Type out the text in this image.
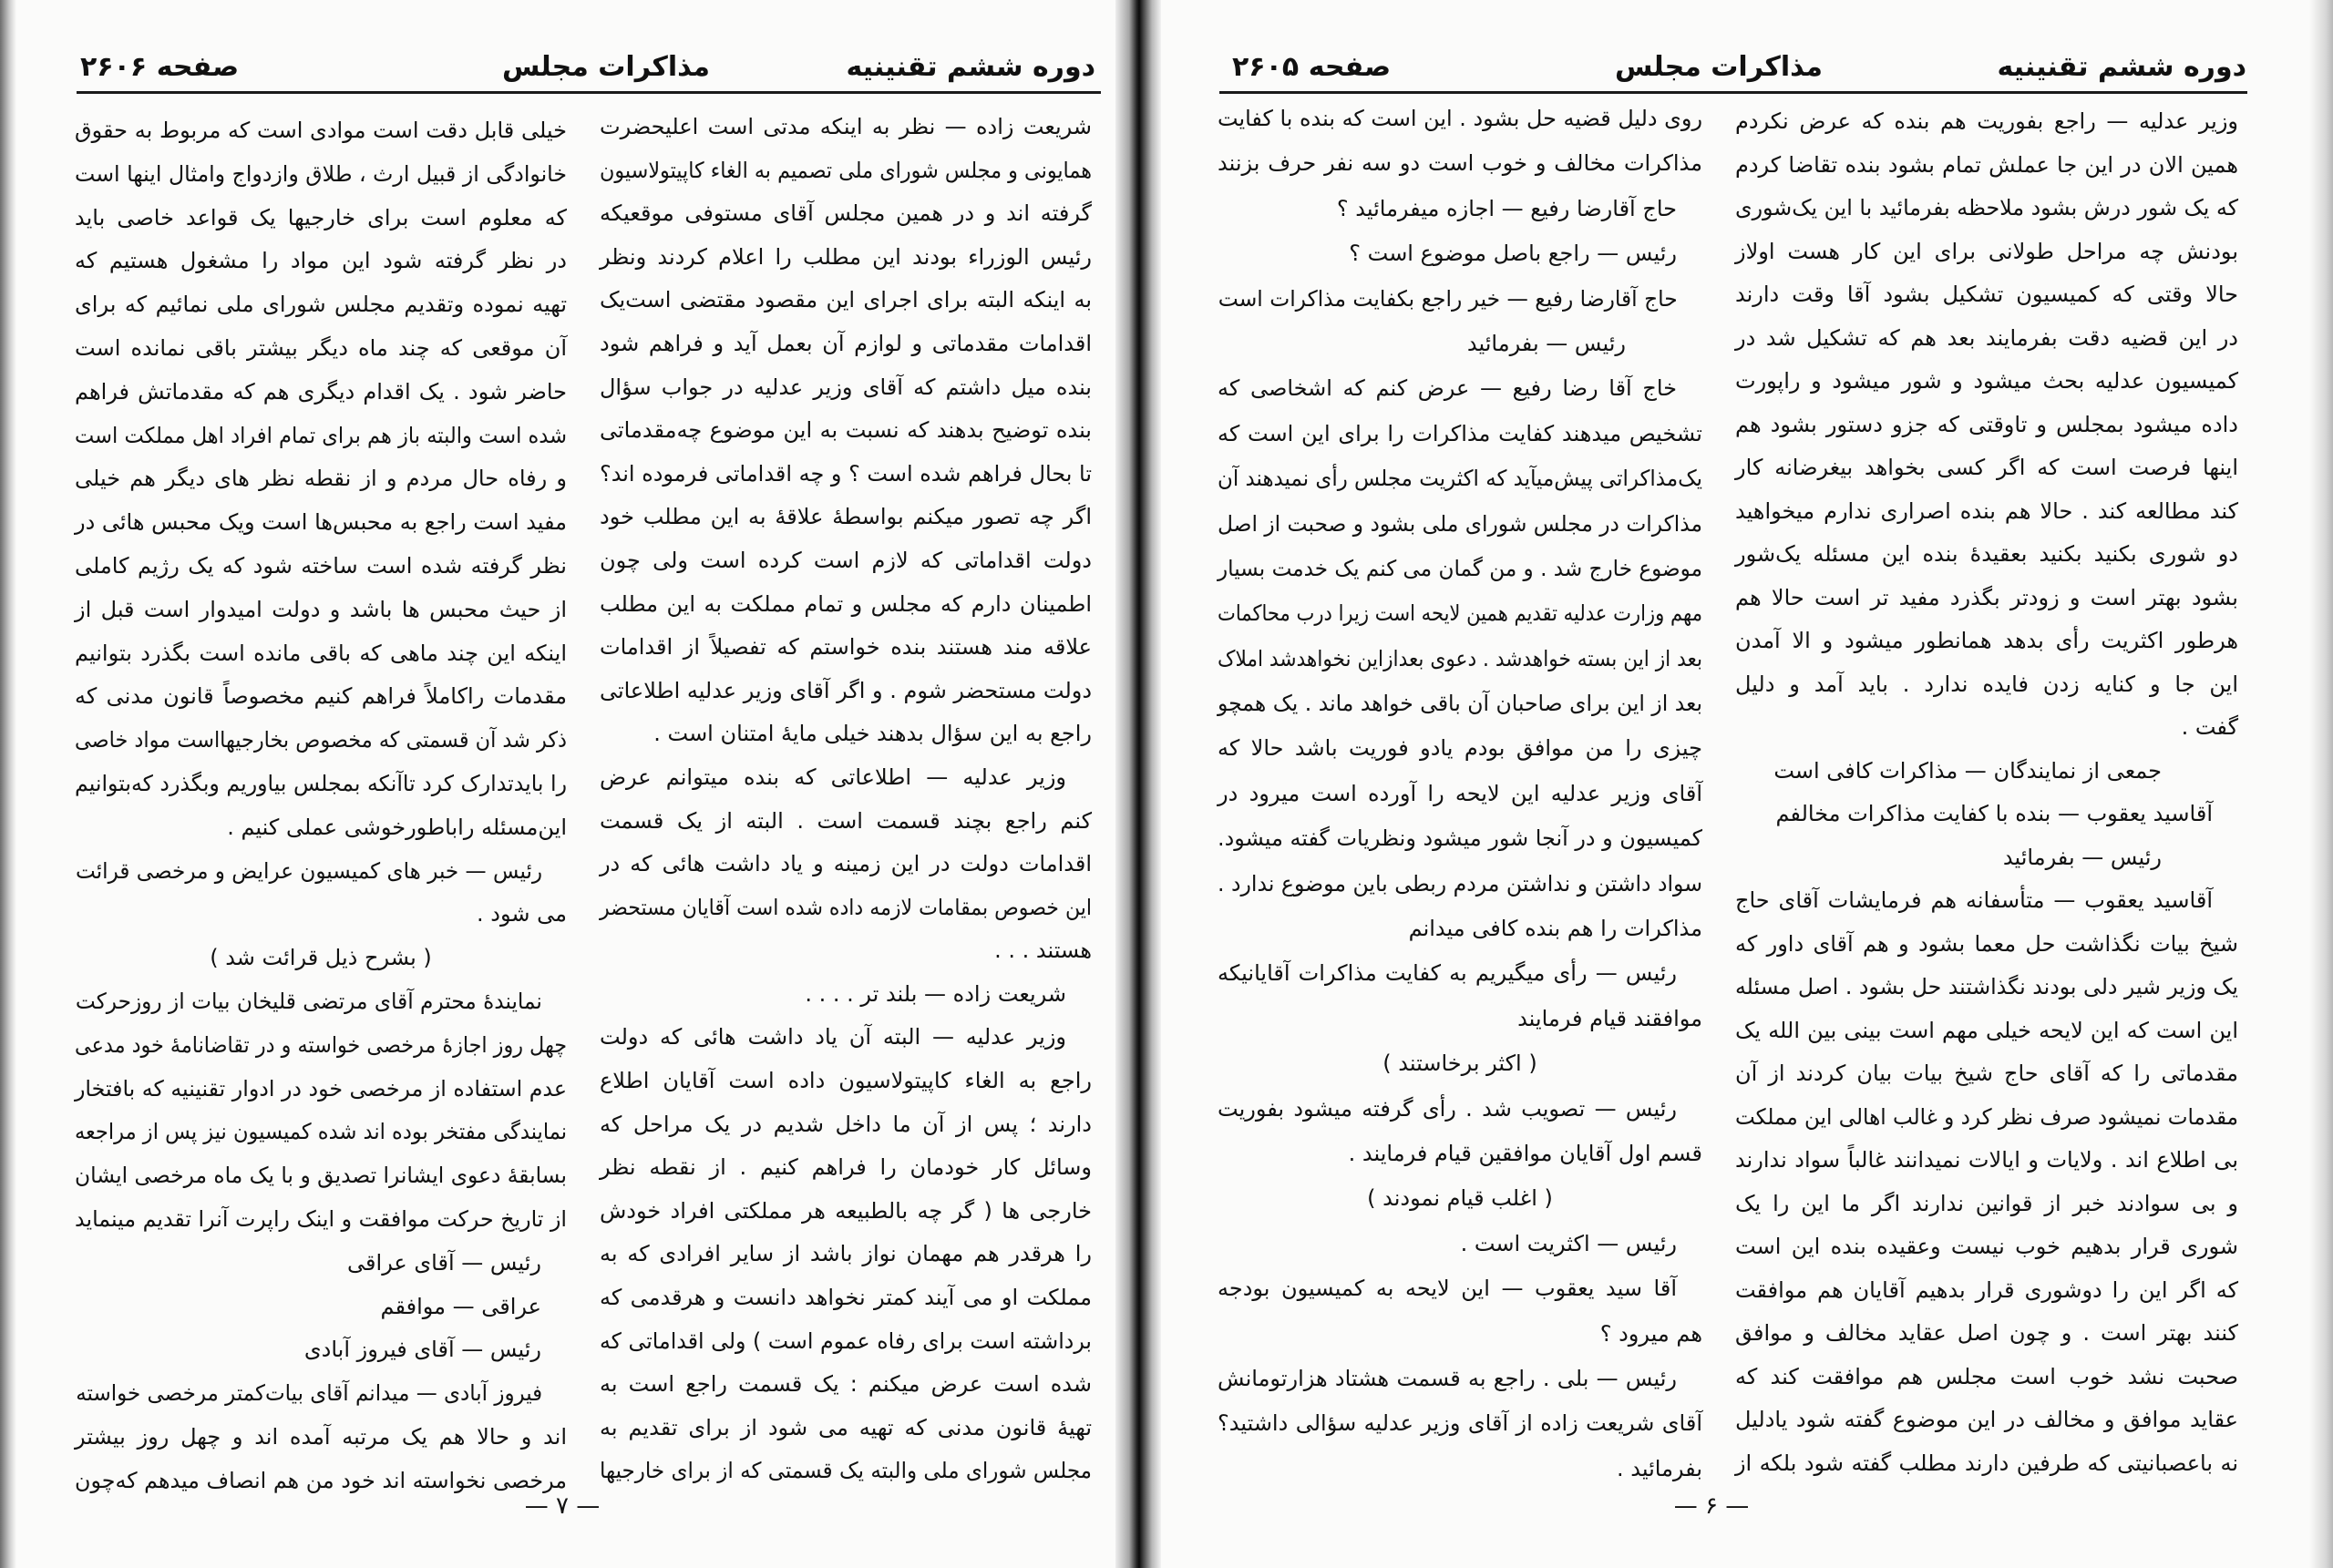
دوره ششم تقنینیه
مذاکرات مجلس
صفحه ۲۶۰۵
وزیر عدلیه — راجع بفوریت هم بنده که عرض نکردم
همین الان در این جا عملش تمام بشود بنده تقاضا کردم
که یک شور درش بشود ملاحظه بفرمائید با این یک‌شوری
بودنش چه مراحل طولانی برای این کار هست اولاز
حالا وقتی که کمیسیون تشکیل بشود آقا وقت دارند
در این قضیه دقت بفرمایند بعد هم که تشکیل شد در
کمیسیون عدلیه بحث میشود و شور میشود و راپورت
داده میشود بمجلس و تاوقتی که جزو دستور بشود هم
اینها فرصت است که اگر کسی بخواهد بیغرضانه کار
کند مطالعه کند . حالا هم بنده اصراری ندارم میخواهید
دو شوری بکنید بکنید بعقیدهٔ بنده این مسئله یک‌شور
بشود بهتر است و زودتر بگذرد مفید تر است حالا هم
هرطور اکثریت رأی بدهد همانطور میشود و الا آمدن
این جا و کنایه زدن فایده ندارد . باید آمد و دلیل
گفت .
جمعی از نمایندگان — مذاکرات کافی است
آقاسید یعقوب — بنده با کفایت مذاکرات مخالفم
رئیس — بفرمائید
آقاسید یعقوب — متأسفانه هم فرمایشات آقای حاج
شیخ بیات نگذاشت حل معما بشود و هم آقای داور که
یک وزیر شیر دلی بودند نگذاشتند حل بشود . اصل مسئله
این است که این لایحه خیلی مهم است بینی بین الله یک
مقدماتی را که آقای حاج شیخ بیات بیان کردند از آن
مقدمات نمیشود صرف نظر کرد و غالب اهالی این مملکت
بی اطلاع اند . ولایات و ایالات نمیدانند غالباً سواد ندارند
و بی سوادند خبر از قوانین ندارند اگر ما این را یک
شوری قرار بدهیم خوب نیست وعقیده بنده این است
که اگر این را دوشوری قرار بدهیم آقایان هم موافقت
کنند بهتر است . و چون اصل عقاید مخالف و موافق
صحبت نشد خوب است مجلس هم موافقت کند که
عقاید موافق و مخالف در این موضوع گفته شود یادلیل
نه باعصبانیتی که طرفین دارند مطلب گفته شود بلکه از
روی دلیل قضیه حل بشود . این است که بنده با کفایت
مذاکرات مخالف و خوب است دو سه نفر حرف بزنند
حاج آقارضا رفیع — اجازه میفرمائید ؟
رئیس — راجع باصل موضوع است ؟
حاج آقارضا رفیع — خیر راجع بکفایت مذاکرات است
رئیس — بفرمائید
خاج آقا رضا رفیع — عرض کنم که اشخاصی که
تشخیص میدهند کفایت مذاکرات را برای این است که
یک‌مذاکراتی پیش‌میآید که اکثریت مجلس رأی نمیدهند آن
مذاکرات در مجلس شورای ملی بشود و صحبت از اصل
موضوع خارج شد . و من گمان می کنم یک خدمت بسیار
مهم وزارت عدلیه تقدیم همین لایحه است زیرا درب محاکمات
بعد از این بسته خواهدشد . دعوی بعدازاین نخواهدشد املاک
بعد از این برای صاحبان آن باقی خواهد ماند . یک همچو
چیزی را من موافق بودم یادو فوریت باشد حالا که
آقای وزیر عدلیه این لایحه را آورده است میرود در
کمیسیون و در آنجا شور میشود ونظریات گفته میشود.
سواد داشتن و نداشتن مردم ربطی باین موضوع ندارد .
مذاکرات را هم بنده کافی میدانم
رئیس — رأی میگیریم به کفایت مذاکرات آقایانیکه
موافقند قیام فرمایند
( اکثر برخاستند )
رئیس — تصویب شد . رأی گرفته میشود بفوریت
قسم اول آقایان موافقین قیام فرمایند .
( اغلب قیام نمودند )
رئیس — اکثریت است .
آقا سید یعقوب — این لایحه به کمیسیون بودجه
هم میرود ؟
رئیس — بلی . راجع به قسمت هشتاد هزارتومانش
آقای شریعت زاده از آقای وزیر عدلیه سؤالی داشتید؟
بفرمائید .
— ۶ —
دوره ششم تقنینیه
مذاکرات مجلس
صفحه ۲۶۰۶
شریعت زاده — نظر به اینکه مدتی است اعلیحضرت
همایونی و مجلس شورای ملی تصمیم به الغاء کاپیتولاسیون
گرفته اند و در همین مجلس آقای مستوفی موقعیکه
رئیس الوزراء بودند این مطلب را اعلام کردند ونظر
به اینکه البته برای اجرای این مقصود مقتضی است‌یک
اقدامات مقدماتی و لوازم آن بعمل آید و فراهم شود
بنده میل داشتم که آقای وزیر عدلیه در جواب سؤال
بنده توضیح بدهند که نسبت به این موضوع چه‌مقدماتی
تا بحال فراهم شده است ؟ و چه اقداماتی فرموده اند؟
اگر چه تصور میکنم بواسطهٔ علاقهٔ به این مطلب خود
دولت اقداماتی که لازم است کرده است ولی چون
اطمینان دارم که مجلس و تمام مملکت به این مطلب
علاقه مند هستند بنده خواستم که تفصیلاً از اقدامات
دولت مستحضر شوم . و اگر آقای وزیر عدلیه اطلاعاتی
راجع به این سؤال بدهند خیلی مایهٔ امتنان است .
وزیر عدلیه — اطلاعاتی که بنده میتوانم عرض
کنم راجع بچند قسمت است . البته از یک قسمت
اقدامات دولت در این زمینه و یاد داشت هائی که در
این خصوص بمقامات لازمه داده شده است آقایان مستحضر
هستند . . .
شریعت زاده — بلند تر . . . .
وزیر عدلیه — البته آن یاد داشت هائی که دولت
راجع به الغاء کاپیتولاسیون داده است آقایان اطلاع
دارند ؛ پس از آن ما داخل شدیم در یک مراحل که
وسائل کار خودمان را فراهم کنیم . از نقطه نظر
خارجی ها ( گر چه بالطبیعه هر مملکتی افراد خودش
را هرقدر هم مهمان نواز باشد از سایر افرادی که به
مملکت او می آیند کمتر نخواهد دانست و هرقدمی که
برداشته است برای رفاه عموم است ) ولی اقداماتی که
شده است عرض میکنم : یک قسمت راجع است به
تهیهٔ قانون مدنی که تهیه می شود از برای تقدیم به
مجلس شورای ملی والبته یک قسمتی که از برای خارجیها
خیلی قابل دقت است موادی است که مربوط به حقوق
خانوادگی از قبیل ارث ، طلاق وازدواج وامثال اینها است
که معلوم است برای خارجیها یک قواعد خاصی باید
در نظر گرفته شود این مواد را مشغول هستیم که
تهیه نموده وتقدیم مجلس شورای ملی نمائیم که برای
آن موقعی که چند ماه دیگر بیشتر باقی نمانده است
حاضر شود . یک اقدام دیگری هم که مقدماتش فراهم
شده است والبته باز هم برای تمام افراد اهل مملکت است
و رفاه حال مردم و از نقطه نظر های دیگر هم خیلی
مفید است راجع به محبس‌ها است ویک محبس هائی در
نظر گرفته شده است ساخته شود که یک رژیم کاملی
از حیث محبس ها باشد و دولت امیدوار است قبل از
اینکه این چند ماهی که باقی مانده است بگذرد بتوانیم
مقدمات راکاملاً فراهم کنیم مخصوصاً قانون مدنی که
ذکر شد آن قسمتی که مخصوص بخارجیهااست مواد خاصی
را بایدتدارک کرد تاآنکه بمجلس بیاوریم وبگذرد که‌بتوانیم
این‌مسئله‌ راباطورخوشی عملی کنیم .
رئیس — خبر های کمیسیون عرایض و مرخصی قرائت
می شود .
( بشرح ذیل قرائت شد )
نمایندهٔ محترم آقای مرتضی قلیخان بیات از روزحرکت
چهل روز اجازهٔ مرخصی خواسته و در تقاضانامهٔ خود مدعی
عدم استفاده از مرخصی خود در ادوار تقنینیه که بافتخار
نمایندگی مفتخر بوده اند شده کمیسیون نیز پس از مراجعه
بسابقهٔ دعوی ایشانرا تصدیق و با یک ماه مرخصی ایشان
از تاریخ حرکت موافقت و اینک راپرت آنرا تقدیم مینماید
رئیس — آقای عراقی
عراقی — موافقم
رئیس — آقای فیروز آبادی
فیروز آبادی — میدانم آقای بیات‌کمتر مرخصی خواسته
اند و حالا هم یک مرتبه آمده اند و چهل روز بیشتر
مرخصی نخواسته اند خود من هم انصاف میدهم که‌چون
— ۷ —
